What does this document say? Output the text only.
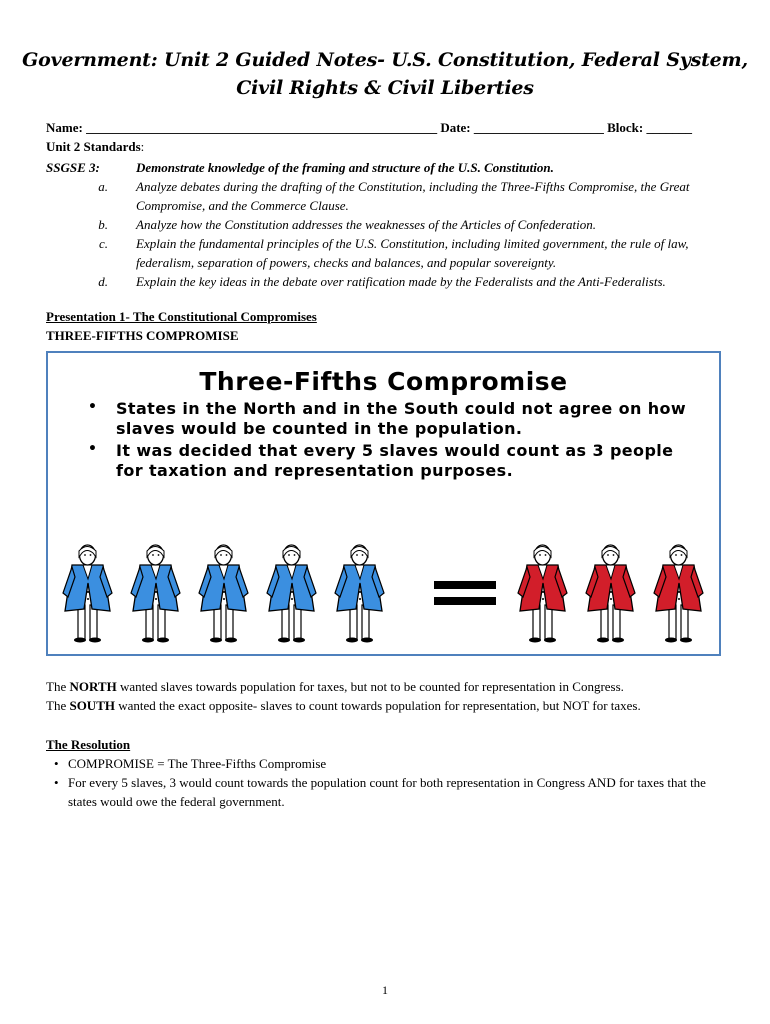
Government: Unit 2 Guided Notes- U.S. Constitution, Federal System,
Civil Rights & Civil Liberties
Name: ______________________________________________________ Date: ____________________ Block: _______
Unit 2 Standards:
SSGSE 3:	Demonstrate knowledge of the framing and structure of the U.S. Constitution.
a. Analyze debates during the drafting of the Constitution, including the Three-Fifths Compromise, the Great Compromise, and the Commerce Clause.
b. Analyze how the Constitution addresses the weaknesses of the Articles of Confederation.
c. Explain the fundamental principles of the U.S. Constitution, including limited government, the rule of law, federalism, separation of powers, checks and balances, and popular sovereignty.
d. Explain the key ideas in the debate over ratification made by the Federalists and the Anti-Federalists.
Presentation 1- The Constitutional Compromises
THREE-FIFTHS COMPROMISE
Three-Fifths Compromise
• States in the North and in the South could not agree on how slaves would be counted in the population.
• It was decided that every 5 slaves would count as 3 people for taxation and representation purposes.
The NORTH wanted slaves towards population for taxes, but not to be counted for representation in Congress.
The SOUTH wanted the exact opposite- slaves to count towards population for representation, but NOT for taxes.
The Resolution
• COMPROMISE = The Three-Fifths Compromise
• For every 5 slaves, 3 would count towards the population count for both representation in Congress AND for taxes that the states would owe the federal government.
1
